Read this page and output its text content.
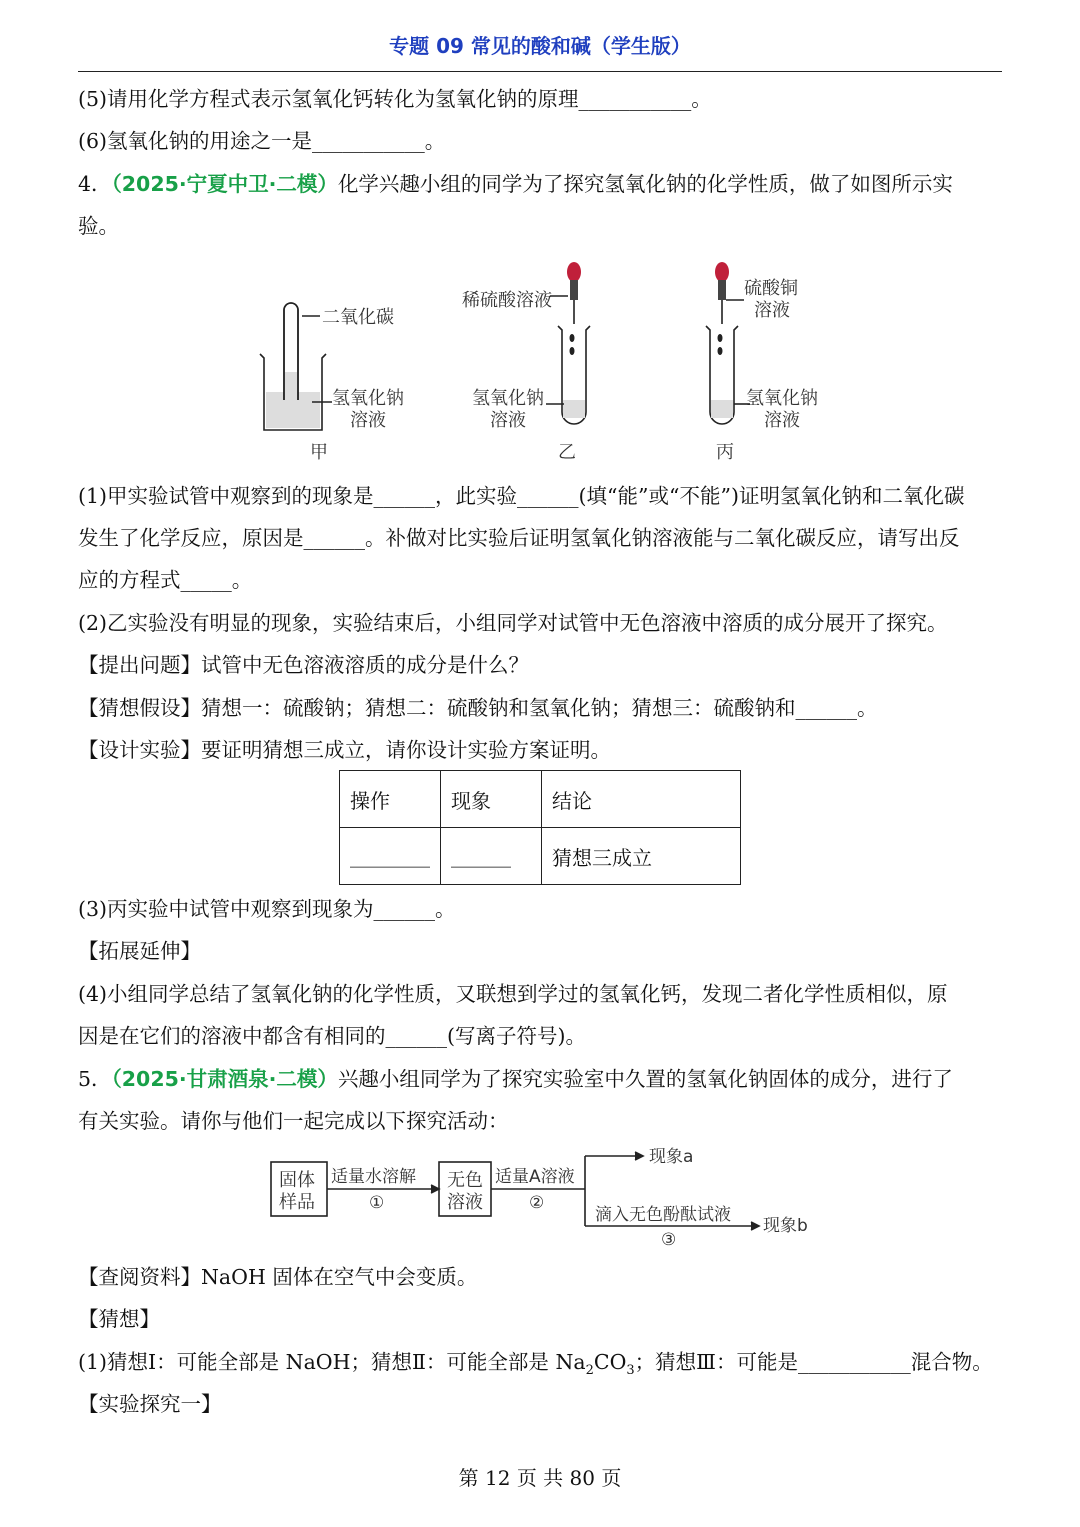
专题 09 常见的酸和碱（学生版）
(5)请用化学方程式表示氢氧化钙转化为氢氧化钠的原理___________。
(6)氢氧化钠的用途之一是___________。
4．（2025·宁夏中卫·二模）化学兴趣小组的同学为了探究氢氧化钠的化学性质，做了如图所示实
验。
二氧化碳
氢氧化钠
溶液
甲
稀硫酸溶液
氢氧化钠
溶液
乙
硫酸铜
溶液
氢氧化钠
溶液
丙
(1)甲实验试管中观察到的现象是______，此实验______(填“能”或“不能”)证明氢氧化钠和二氧化碳
发生了化学反应，原因是______。补做对比实验后证明氢氧化钠溶液能与二氧化碳反应，请写出反
应的方程式_____。
(2)乙实验没有明显的现象，实验结束后，小组同学对试管中无色溶液中溶质的成分展开了探究。
【提出问题】试管中无色溶液溶质的成分是什么？
【猜想假设】猜想一：硫酸钠；猜想二：硫酸钠和氢氧化钠；猜想三：硫酸钠和______。
【设计实验】要证明猜想三成立，请你设计实验方案证明。
操作	现象	结论
________	______	猜想三成立
(3)丙实验中试管中观察到现象为______。
【拓展延伸】
(4)小组同学总结了氢氧化钠的化学性质，又联想到学过的氢氧化钙，发现二者化学性质相似，原
因是在它们的溶液中都含有相同的______(写离子符号)。
5．（2025·甘肃酒泉·二模）兴趣小组同学为了探究实验室中久置的氢氧化钠固体的成分，进行了
有关实验。请你与他们一起完成以下探究活动：
固体
样品
适量水溶解
①
无色
溶液
适量A溶液
②
现象a
滴入无色酚酞试液
③
现象b
【查阅资料】NaOH 固体在空气中会变质。
【猜想】
(1)猜想Ⅰ：可能全部是 NaOH；猜想Ⅱ：可能全部是 $Na_2CO_3$；猜想Ⅲ：可能是___________混合物。
【实验探究一】
第 12 页 共 80 页
